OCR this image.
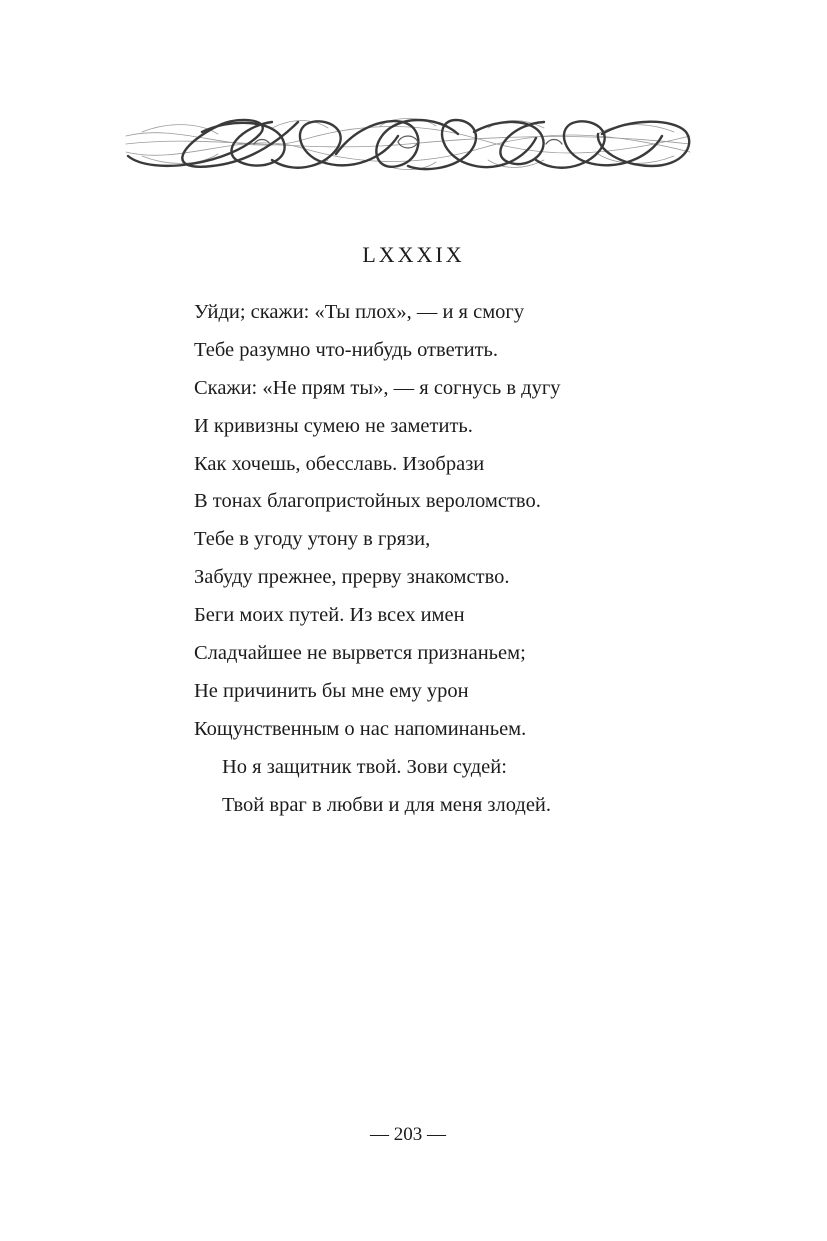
LXXXIX
Уйди; скажи: «Ты плох», — и я смогу
Тебе разумно что-нибудь ответить.
Скажи: «Не прям ты», — я согнусь в дугу
И кривизны сумею не заметить.
Как хочешь, обесславь. Изобрази
В тонах благопристойных вероломство.
Тебе в угоду утону в грязи,
Забуду прежнее, прерву знакомство.
Беги моих путей. Из всех имен
Сладчайшее не вырвется признаньем;
Не причинить бы мне ему урон
Кощунственным о нас напоминаньем.
Но я защитник твой. Зови судей:
Твой враг в любви и для меня злодей.
— 203 —
